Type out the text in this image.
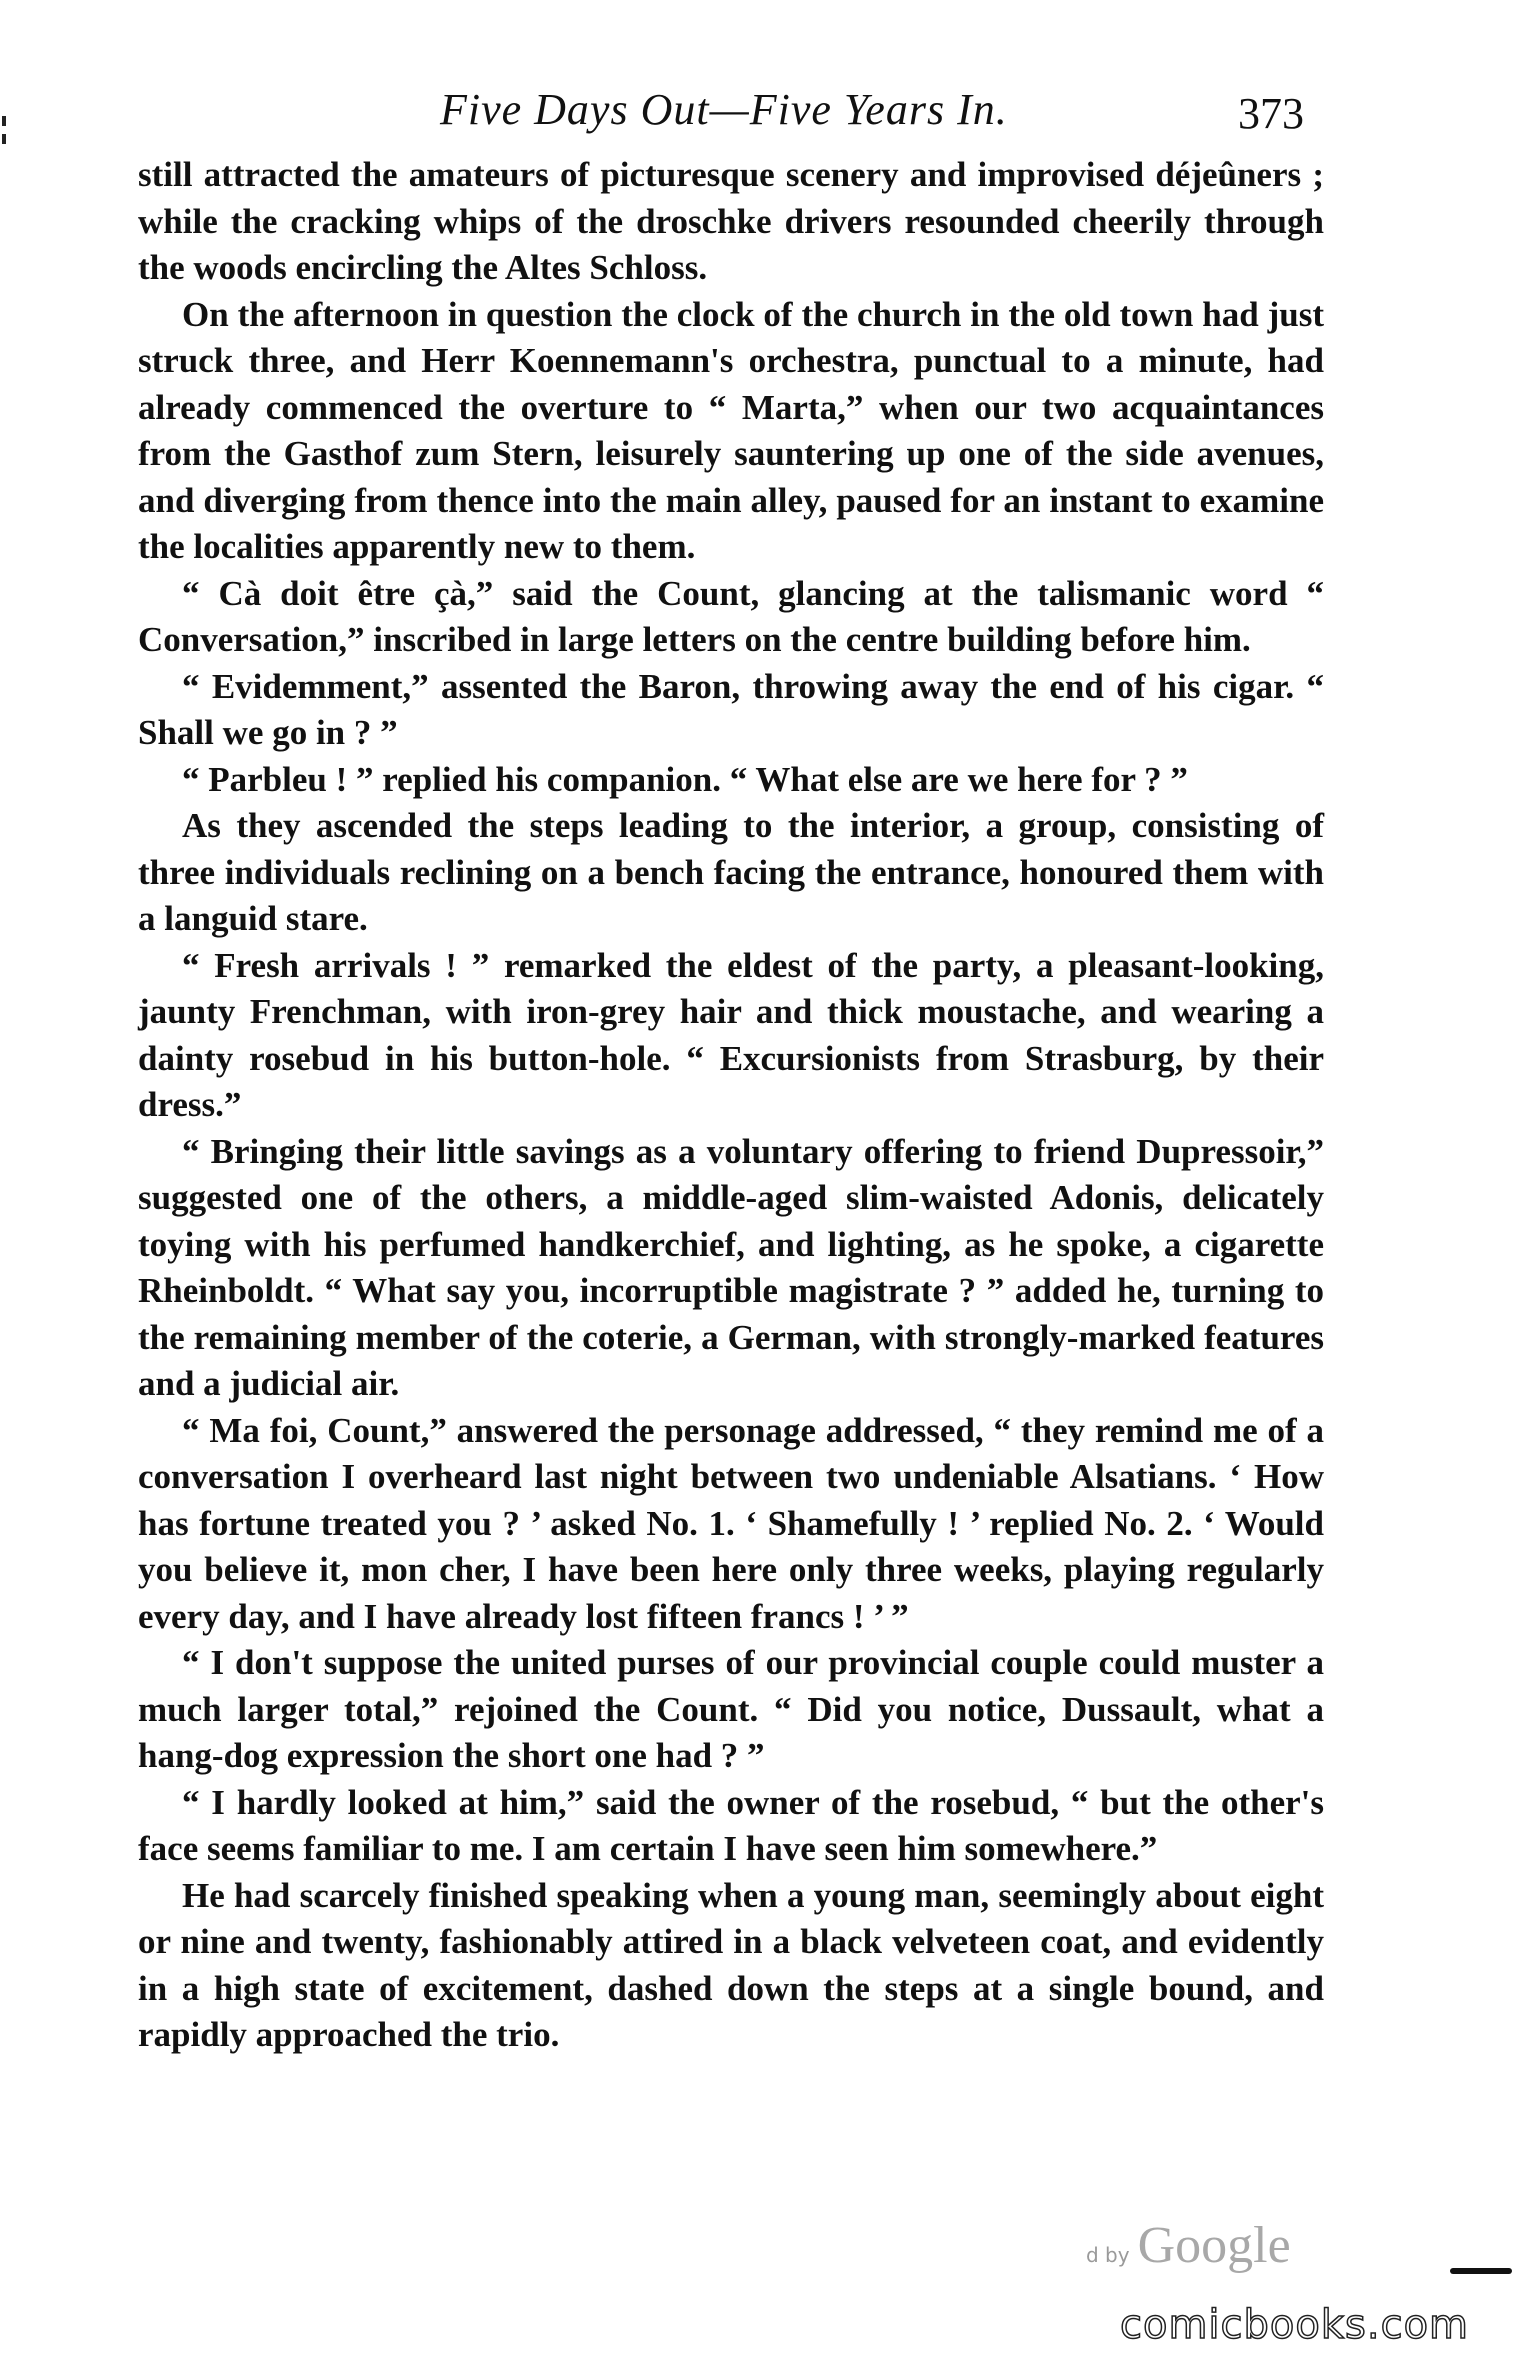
Five Days Out—Five Years In.	373

still attracted the amateurs of picturesque scenery and improvised déjeûners ; while the cracking whips of the droschke drivers resounded cheerily through the woods encircling the Altes Schloss.

On the afternoon in question the clock of the church in the old town had just struck three, and Herr Koennemann's orchestra, punctual to a minute, had already commenced the overture to “ Marta,” when our two acquaintances from the Gasthof zum Stern, leisurely sauntering up one of the side avenues, and diverging from thence into the main alley, paused for an instant to examine the localities apparently new to them.

“ Cà doit être çà,” said the Count, glancing at the talismanic word “ Conversation,” inscribed in large letters on the centre building before him.

“ Evidemment,” assented the Baron, throwing away the end of his cigar. “ Shall we go in ? ”

“ Parbleu ! ” replied his companion. “ What else are we here for ? ”

As they ascended the steps leading to the interior, a group, consisting of three individuals reclining on a bench facing the entrance, honoured them with a languid stare.

“ Fresh arrivals ! ” remarked the eldest of the party, a pleasant-looking, jaunty Frenchman, with iron-grey hair and thick moustache, and wearing a dainty rosebud in his button-hole. “ Excursionists from Strasburg, by their dress.”

“ Bringing their little savings as a voluntary offering to friend Dupressoir,” suggested one of the others, a middle-aged slim-waisted Adonis, delicately toying with his perfumed handkerchief, and lighting, as he spoke, a cigarette Rheinboldt. “ What say you, incorruptible magistrate ? ” added he, turning to the remaining member of the coterie, a German, with strongly-marked features and a judicial air.

“ Ma foi, Count,” answered the personage addressed, “ they remind me of a conversation I overheard last night between two undeniable Alsatians. ‘ How has fortune treated you ? ’ asked No. 1. ‘ Shamefully ! ’ replied No. 2. ‘ Would you believe it, mon cher, I have been here only three weeks, playing regularly every day, and I have already lost fifteen francs ! ’ ”

“ I don't suppose the united purses of our provincial couple could muster a much larger total,” rejoined the Count. “ Did you notice, Dussault, what a hang-dog expression the short one had ? ”

“ I hardly looked at him,” said the owner of the rosebud, “ but the other's face seems familiar to me. I am certain I have seen him somewhere.”

He had scarcely finished speaking when a young man, seemingly about eight or nine and twenty, fashionably attired in a black velveteen coat, and evidently in a high state of excitement, dashed down the steps at a single bound, and rapidly approached the trio.

d by Google
comicbooks.com
